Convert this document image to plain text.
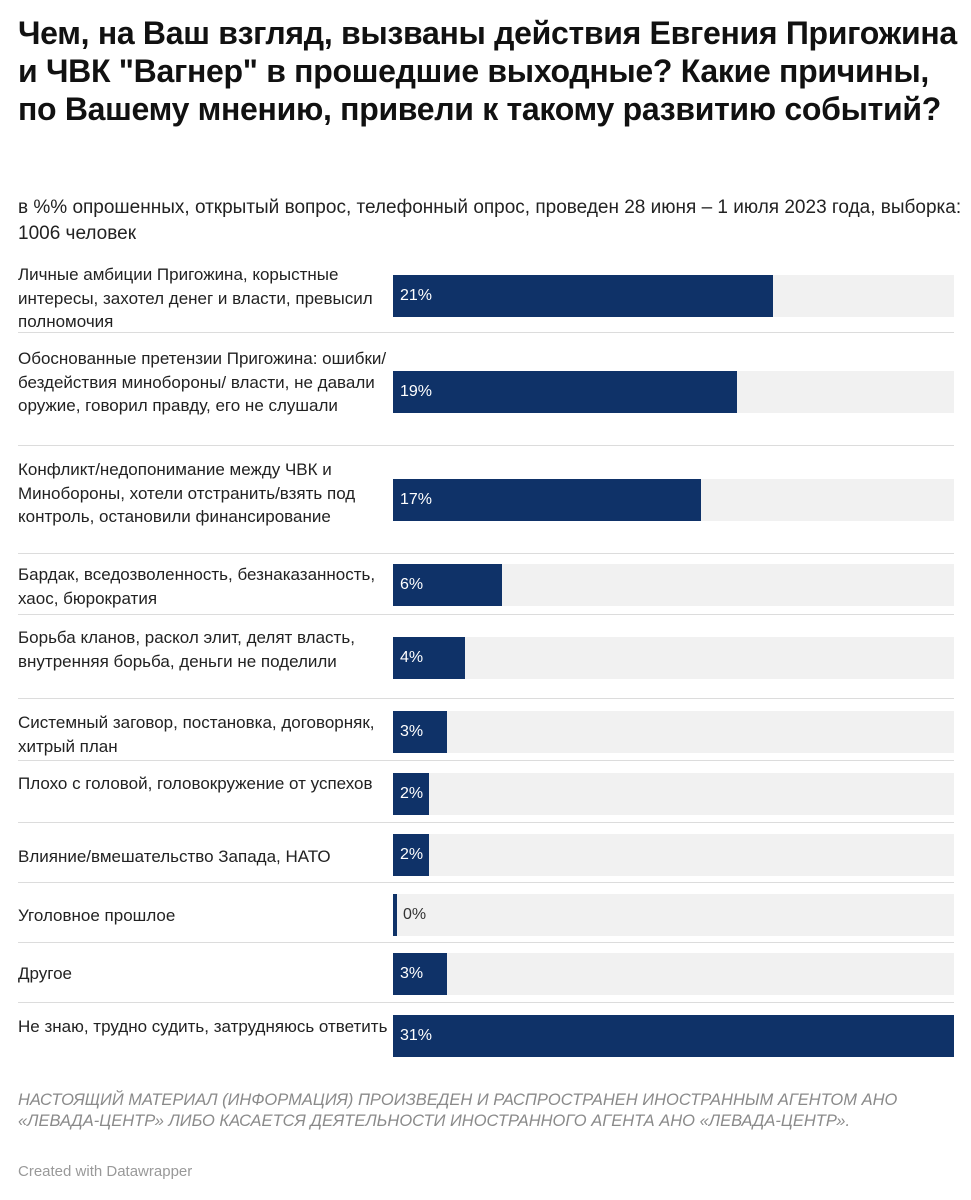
Чем, на Ваш взгляд, вызваны действия Евгения Пригожина и ЧВК "Вагнер" в прошедшие выходные? Какие причины, по Вашему мнению, привели к такому развитию событий?
в %% опрошенных, открытый вопрос, телефонный опрос, проведен 28 июня – 1 июля 2023 года, выборка: 1006 человек
Личные амбиции Пригожина, корыстные интересы, захотел денег и власти, превысил полномочия
21%
Обоснованные претензии Пригожина: ошибки/бездействия минобороны/ власти, не давали оружие, говорил правду, его не слушали
19%
Конфликт/недопонимание между ЧВК и Минобороны, хотели отстранить/взять под контроль, остановили финансирование
17%
Бардак, вседозволенность, безнаказанность, хаос, бюрократия
6%
Борьба кланов, раскол элит, делят власть, внутренняя борьба, деньги не поделили	4%
Системный заговор, постановка, договорняк, хитрый план
3%
Плохо с головой, головокружение от успехов
2%
Влияние/вмешательство Запада, НАТО	2%
Уголовное прошлое	0%
Другое	3%
Не знаю, трудно судить, затрудняюсь ответить 31%
НАСТОЯЩИЙ МАТЕРИАЛ (ИНФОРМАЦИЯ) ПРОИЗВЕДЕН И РАСПРОСТРАНЕН ИНОСТРАННЫМ АГЕНТОМ АНО «ЛЕВАДА-ЦЕНТР» ЛИБО КАСАЕТСЯ ДЕЯТЕЛЬНОСТИ ИНОСТРАННОГО АГЕНТА АНО «ЛЕВАДА-ЦЕНТР».
Created with Datawrapper
